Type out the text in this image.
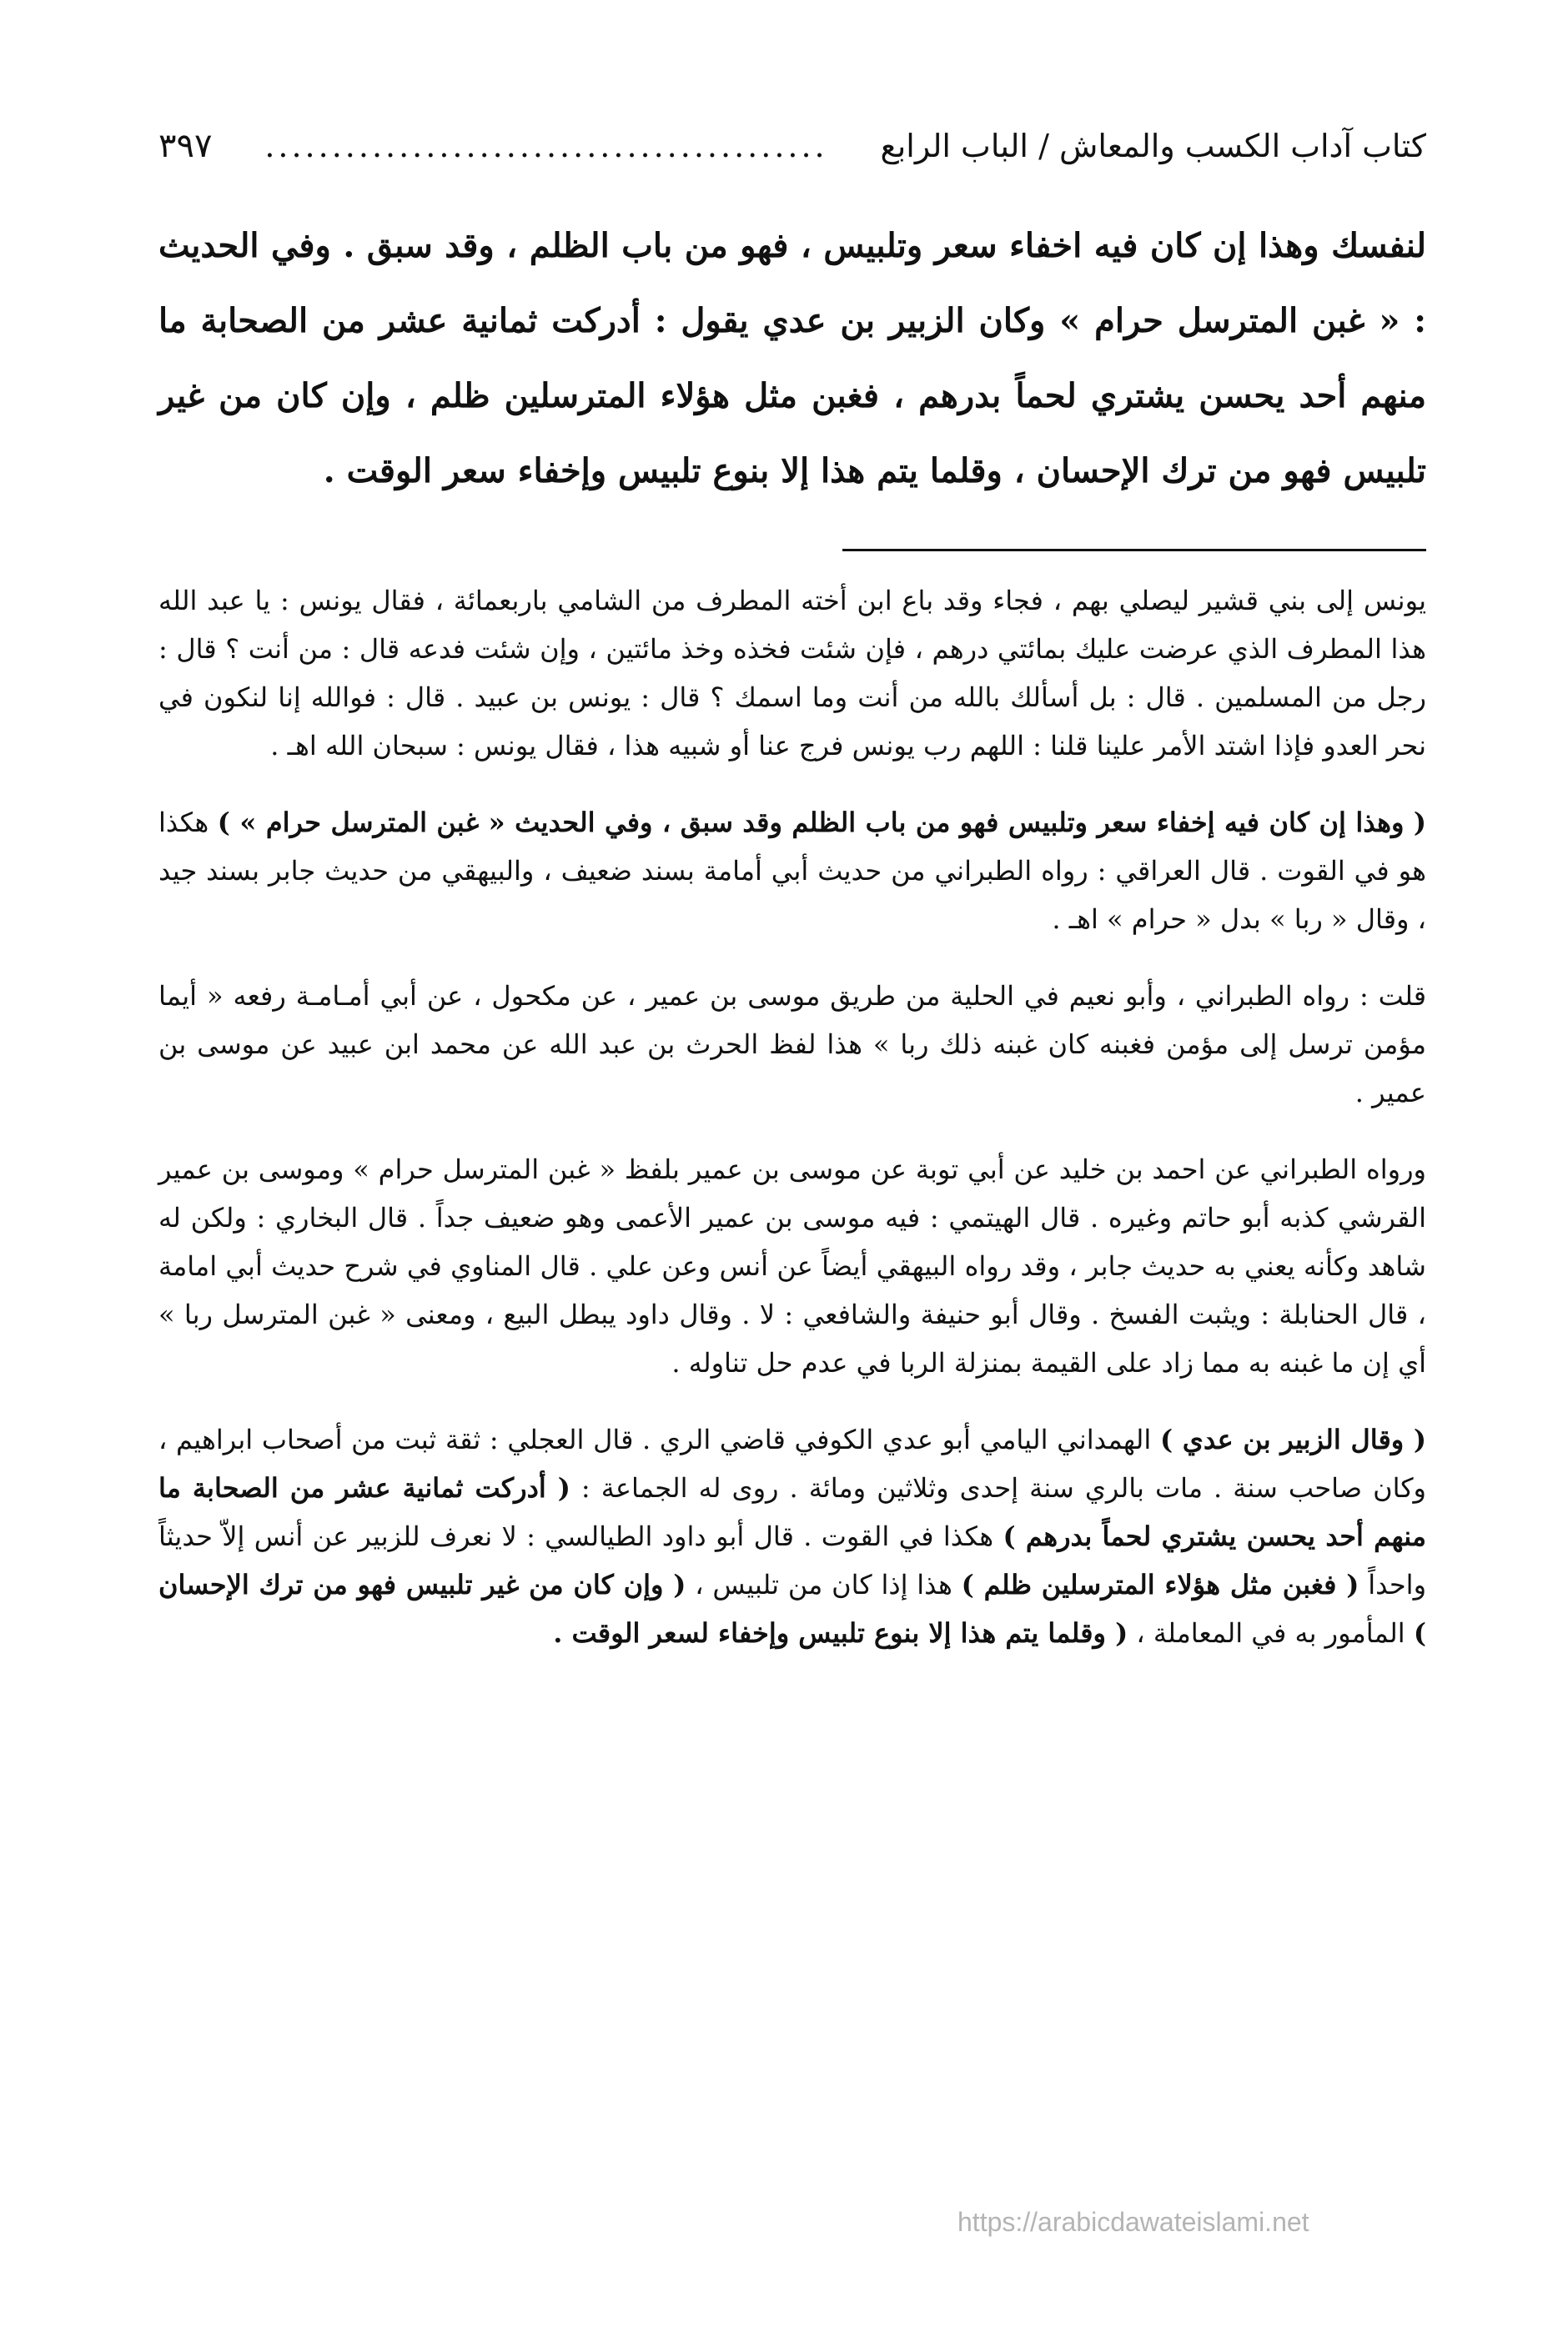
كتاب آداب الكسب والمعاش / الباب الرابع
..........................................
٣٩٧

لنفسك وهذا إن كان فيه اخفاء سعر وتلبيس ، فهو من باب الظلم ، وقد سبق . وفي الحديث : « غبن المترسل حرام » وكان الزبير بن عدي يقول : أدركت ثمانية عشر من الصحابة ما منهم أحد يحسن يشتري لحماً بدرهم ، فغبن مثل هؤلاء المترسلين ظلم ، وإن كان من غير تلبيس فهو من ترك الإحسان ، وقلما يتم هذا إلا بنوع تلبيس وإخفاء سعر الوقت .

يونس إلى بني قشير ليصلي بهم ، فجاء وقد باع ابن أخته المطرف من الشامي باربعمائة ، فقال يونس : يا عبد الله هذا المطرف الذي عرضت عليك بمائتي درهم ، فإن شئت فخذه وخذ مائتين ، وإن شئت فدعه قال : من أنت ؟ قال : رجل من المسلمين . قال : بل أسألك بالله من أنت وما اسمك ؟ قال : يونس بن عبيد . قال : فوالله إنا لنكون في نحر العدو فإذا اشتد الأمر علينا قلنا : اللهم رب يونس فرج عنا أو شبيه هذا ، فقال يونس : سبحان الله اهـ .

( وهذا إن كان فيه إخفاء سعر وتلبيس فهو من باب الظلم وقد سبق ، وفي الحديث « غبن المترسل حرام » ) هكذا هو في القوت . قال العراقي : رواه الطبراني من حديث أبي أمامة بسند ضعيف ، والبيهقي من حديث جابر بسند جيد ، وقال « ربا » بدل « حرام » اهـ .

قلت : رواه الطبراني ، وأبو نعيم في الحلية من طريق موسى بن عمير ، عن مكحول ، عن أبي أمـامـة رفعه « أيما مؤمن ترسل إلى مؤمن فغبنه كان غبنه ذلك ربا » هذا لفظ الحرث بن عبد الله عن محمد ابن عبيد عن موسى بن عمير .

ورواه الطبراني عن احمد بن خليد عن أبي توبة عن موسى بن عمير بلفظ « غبن المترسل حرام » وموسى بن عمير القرشي كذبه أبو حاتم وغيره . قال الهيتمي : فيه موسى بن عمير الأعمى وهو ضعيف جداً . قال البخاري : ولكن له شاهد وكأنه يعني به حديث جابر ، وقد رواه البيهقي أيضاً عن أنس وعن علي . قال المناوي في شرح حديث أبي امامة ، قال الحنابلة : ويثبت الفسخ . وقال أبو حنيفة والشافعي : لا . وقال داود يبطل البيع ، ومعنى « غبن المترسل ربا » أي إن ما غبنه به مما زاد على القيمة بمنزلة الربا في عدم حل تناوله .

( وقال الزبير بن عدي ) الهمداني اليامي أبو عدي الكوفي قاضي الري . قال العجلي : ثقة ثبت من أصحاب ابراهيم ، وكان صاحب سنة . مات بالري سنة إحدى وثلاثين ومائة . روى له الجماعة : ( أدركت ثمانية عشر من الصحابة ما منهم أحد يحسن يشتري لحماً بدرهم ) هكذا في القوت . قال أبو داود الطيالسي : لا نعرف للزبير عن أنس إلاّ حديثاً واحداً ( فغبن مثل هؤلاء المترسلين ظلم ) هذا إذا كان من تلبيس ، ( وإن كان من غير تلبيس فهو من ترك الإحسان ) المأمور به في المعاملة ، ( وقلما يتم هذا إلا بنوع تلبيس وإخفاء لسعر الوقت .

https://arabicdawateislami.net
